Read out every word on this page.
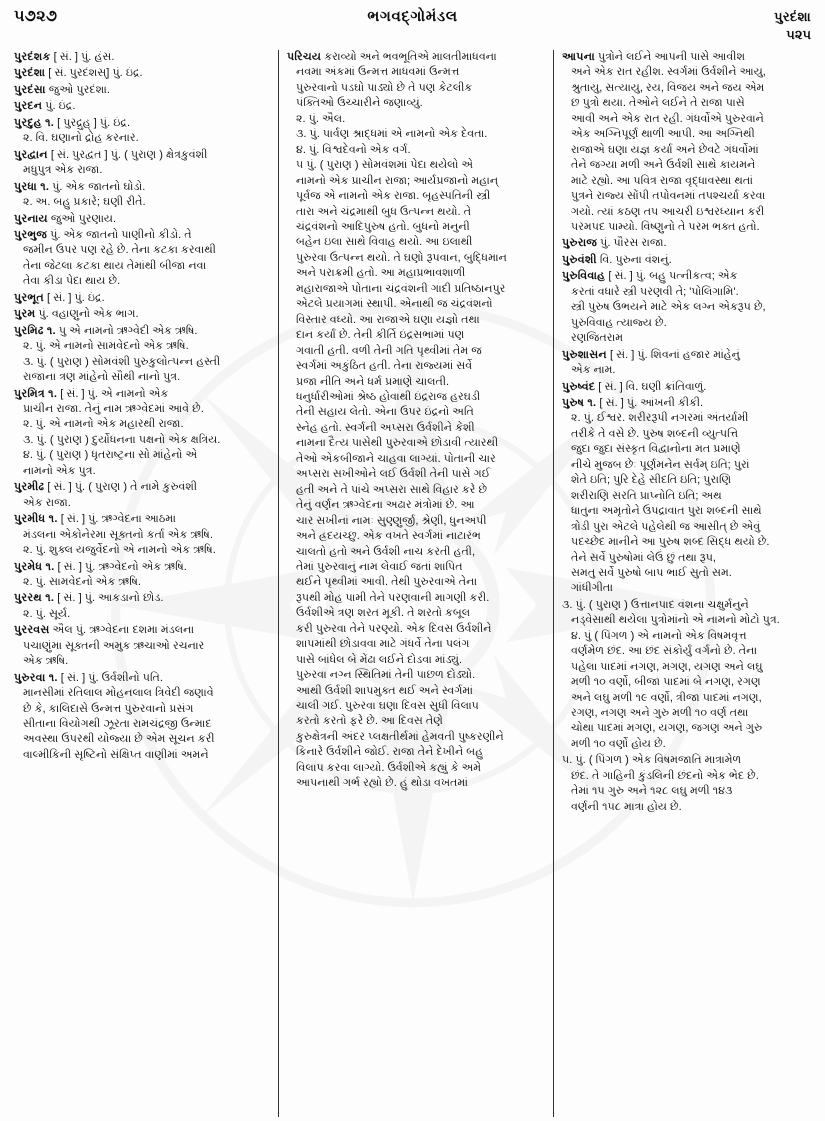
૫૭૨૭	ભગવદ્‌ગોમંડલ	પુરદંશા
૫૨૫
પુરદંશક [ સં. ] પું. હંસ.
પુરદંશા [ સં. પુરદંશસ્] પું. ઇંદ્ર.
પુરદંસા જુઓ પુરદંશા.
પુરદન પું. ઇંદ્ર.
પુરદુહ ૧. [ પુરદ્રુહ્ ] પું. ઇંદ્ર.
૨. વિ. ઘણાનો દ્રોહ કરનાર.
પુરદ્વાન [ સં. પુરદ્વત ] પું. ( પુરાણ ) ક્ષેત્રકુવંશી
મધુપુત્ર એક રાજા.
પુરધા ૧. પું. એક જાતનો ઘોડો.
૨. અ. બહુ પ્રકારે; ઘણી રીતે.
પુરનાય જુઓ પુરણાય.
પુરભુજ પું. એક જાતનો પાણીનો કીડો. તે
જમીન ઉપર પણ રહે છે. તેના કટકા કરવાથી
તેના જેટલા કટકા થાય તેમાંથી બીજા નવા
તેવા કીડા પેદા થાય છે.
પુરભૂત [ સં. ] પું. ઇંદ્ર.
પુરમ પું. વહાણુનો એક ભાગ.
પુરમિઢ ૧. પુ એ નામનો ઋગ્વેદી એક ઋષિ.
૨. પું. એ નામનો સામવેદનો એક ઋષિ.
૩. પું. ( પુરાણ ) સોમવંશી પુરુકુલોત્પન્ન હસ્તી
રાજાના ત્રણ માંહેનો સૌથી નાનો પુત્ર.
પુરમિત્ર ૧. [ સં. ] પું. એ નામનો એક
પ્રાચીન રાજા. તેનું નામ ઋગ્વેદમાં આવે છે.
૨. પું. એ નામનો એક મહારથી રાજા.
૩. પું. ( પુરાણ ) દુર્યોધનના પક્ષનો એક ક્ષત્રિય.
૪. પું. ( પુરાણ ) ધૃતરાષ્ટ્રના સો માંહેનો એ
નામનો એક પુત્ર.
પુરમીઢ [ સં. ] પું. ( પુરાણ ) તે નામે કુરુવંશી
એક રાજા.
પુરમીધ ૧. [ સં. ] પું. ઋગ્વેદના આઠમા
મંડલના એકોનેરમા સૂક્તનો કર્તા એક ઋષિ.
૨. પું. શુક્લ યજુર્વેદનો એ નામનો એક ઋષિ.
પુરમેધ ૧. [ સં. ] પું. ઋગ્વેદનો એક ઋષિ.
૨. પું. સામવેદનો એક ઋષિ.
પુરરથ ૧. [ સં. ] પું. આકડાનો છોડ.
૨. પું. સૂર્ય.
પુરરવસ ઐલ પું. ઋગ્વેદના દશમા મંડલના
પચાણુંમા સૂક્તની અમુક ઋચાઓ રચનાર
એક ઋષિ.
પુરુરવા ૧. [ સં. ] પું. ઉર્વશીનો પતિ.
માનસીમાં રતિલાલ મોહનલાલ ત્રિવેદી જણાવે
છે કે, કાલિદાસે ઉન્મત્ત પુરુરવાનો પ્રસંગ
સીતાના વિયોગથી ઝૂરતા રામચંદ્રજી ઉન્માદ
અવસ્થા ઉપરથી યોજ્યા છે એમ સૂચન કરી
વાલ્મીકિની સૃષ્ટિનો સંક્ષિપ્ત વાણીમાં અમને
પરિચય કરાવ્યો અને ભવભૂતિએ માલતીમાધવના
નવમા અંકમાં ઉન્મત્ત માધવમાં ઉન્મત્ત
પુરુરવાનો પડઘો પાડ્યો છે તે પણ કેટલીક
પંક્તિઓ ઉચ્ચારીને જણાવ્યું.
૨. પું. ઐલ.
૩. પું. પાર્વણ શ્રાદ્ધમાં એ નામનો એક દેવતા.
૪. પું. વિશ્વદેવનો એક વર્ગ.
૫ પું. ( પુરાણ ) સોમવંશમાં પેદા થયેલો એ
નામનો એક પ્રાચીન રાજા; આર્યપ્રજાનો મહાન્
પૂર્વજ એ નામનો એક રાજા. બૃહસ્પતિની સ્ત્રી
તારા અને ચંદ્રમાથી બુધ ઉત્પન્ન થયો. તે
ચંદ્રવંશનો આદિપુરુષ હતો. બુધનો મનુની
બહેન ઇલા સાથે વિવાહ થયો. આ ઇલાથી
પુરુરવા ઉત્પન્ન થયો. તે ઘણો રૂપવાન, બુદ્ધિમાન
અને પરાક્રમી હતો. આ મહાપ્રભાવશાળી
મહારાજાએ પોતાના ચંદ્રવંશની ગાદી પ્રતિષ્ઠાનપુર
એટલે પ્રયાગમાં સ્થાપી. એનાથી જ ચંદ્રવંશનો
વિસ્તાર વધ્યો. આ રાજાએ ઘણા યજ્ઞો તથા
દાન કર્યાં છે. તેની કીર્તિ ઇંદ્રસભામાં પણ
ગવાતી હતી. વળી તેની ગતિ પૃથ્વીમાં તેમ જ
સ્વર્ગમાં અકુંઠિત હતી. તેના રાજ્યમાં સર્વે
પ્રજા નીતિ અને ધર્મ પ્રમાણે ચાલતી.
ધનુર્ધારીઓમાં શ્રેષ્ઠ હોવાથી ઇંદ્રરાજ હરઘડી
તેની સહાય લેતો. એના ઉપર ઇંદ્રનો અતિ
સ્નેહ હતો. સ્વર્ગની અપ્સરા ઉર્વશીને કેશી
નામના દૈત્ય પાસેથી પુરુરવાએ છોડાવી ત્યારથી
તેઓ એકબીજાને ચાહવા લાગ્યાં. પોતાની ચાર
અપ્સરા સખીઓને લઈ ઉર્વશી તેની પાસે ગઈ
હતી અને તે પાંચે અપ્સરા સાથે વિહાર કરે છે
તેનું વર્ણન ઋગ્વેદના અઢાર મંત્રોમાં છે. આ
ચાર સખીનાં નામઃ સુણ્ણુર્જી, શ્રેણી, ધુનઅપી
અને હ્રદયચ્છુ. એક વખતે સ્વર્ગમાં નાટારંભ
ચાલતો હતો અને ઉર્વશી નાચ કરતી હતી,
તેમાં પુરુરવાનું નામ લેવાઈ જતાં શાપિત
થઈને પૃથ્વીમાં આવી. તેથી પુરુરવાએ તેના
રૂપથી મોહ પામી તેને પરણવાની માગણી કરી.
ઉર્વશીએ ત્રણ શરત મૂકી. તે શરતો કબૂલ
કરી પુરુરવા તેને પરણ્યો. એક દિવસ ઉર્વશીને
શાપમાંથી છોડાવવા માટે ગંધર્વે તેના પલંગ
પાસે બાંધેલ બે મેંઢા લઈને દોડવા માંડ્યું.
પુરુરવા નગ્ન સ્થિતિમાં તેની પાછળ દોડ્યો.
આથી ઉર્વશી શાપમુક્ત થઈ અને સ્વર્ગમાં
ચાલી ગઈ. પુરુરવા ઘણા દિવસ સુધી વિલાપ
કરતો કરતો ફરે છે. આ દિવસ તેણે
કુરુક્ષેત્રની અંદર પ્લક્ષતીર્થમાં હેમવતી પુષ્કરણીને
કિનારે ઉર્વશીને જોઈ. રાજા તેને દેખીને બહુ
વિલાપ કરવા લાગ્યો. ઉર્વશીએ કહ્યું કે અમે
આપનાથી ગર્ભ રહ્યો છે. હું થોડા વખતમાં
આપના પુત્રોને લઈને આપની પાસે આવીશ
અને એક રાત રહીશ. સ્વર્ગમાં ઉર્વશીને આયુ,
શ્રુતાયુ, સત્યાયુ, રય, વિજય અને જય એમ
છ પુત્રો થયા. તેઓને લઈને તે રાજા પાસે
આવી અને એક રાત રહી. ગંધર્વોએ પુરુરવાને
એક અગ્નિપૂર્ણ થાળી આપી. આ અગ્નિથી
રાજાએ ઘણા યજ્ઞ કર્યા અને છેવટે ગંધર્વોમાં
તેને જગ્યા મળી અને ઉર્વશી સાથે કાયમને
માટે રહ્યો. આ પવિત્ર રાજા વૃદ્ધાવસ્થા થતાં
પુત્રને રાજ્ય સોંપી તપોવનમાં તપશ્ચર્યા કરવા
ગયો. ત્યાં કઠણ તપ આચરી ઇશ્વરધ્યાન કરી
પરમપદ પામ્યો. વિષ્ણુનો તે પરમ ભક્ત હતો.
પુરુરાજ પું. પૌરસ રાજા.
પુરુવંશી વિ. પુરુના વંશનું.
પુરુવિવાહ [ સં. ] પું. બહુ પત્નીકત્વ; એક
કરતાં વધારે સ્ત્રી પરણવી તે; 'પોલિગામિ'.
સ્ત્રી પુરુષ ઉભયને માટે એક લગ્ન એકરૂપ છે,
પુરુવિવાહ ત્યાજ્ય છે.
રણજિતરામ
પુરુશાસન [ સં. ] પું. શિવનાં હજાર માંહેનું
એક નામ.
પુરુષ્વંદ [ સં. ] વિ. ઘણી ક્રાંતિવાળું.
પુરુષ ૧. [ સં. ] પું. આંખની કીકી.
૨. પું. ઈશ્વર. શરીરરૂપી નગરમાં અંતર્યામી
તરીકે તે વસે છે. પુરુષ શબ્દની વ્યુત્પત્તિ
જુદા જુદા સંસ્કૃત વિદ્વાનોના મત પ્રમાણે
નીચે મુજબ છેઃ પૂર્ણમનેન સર્વમ્ ઇતિ; પુરાં
શેતે ઇતિ; પુરિ દેહે સીદતિ ઇતિ; પુરાણિ
શરીરાણિ સરતિ પ્રાપ્નોતિ ઇતિ; અથ
ધાતુના અમૃતોને ઉપદ્રાવાત પુરા શબ્દની સાથે
ત્રોડી પુરા એટલે પહેલેથી જ આસીત્ છે એવું
પદચ્છેદ માનીને આ પુરુષ શબ્દ સિદ્ધ થયો છે.
તેને સર્વે પુરુષોમાં લેઉં છું તથા રૂપ,
સમતુ સર્વે પુરુષો બાપ ભાઈ સુતો સમ.
ગાંધીગીતા
૩. પું. ( પુરાણ ) ઉત્તાનપાદ વંશના ચક્ષુર્મનુને
નડ્વેસાથી થયેલા પુત્રોમાંનો એ નામનો મોટો પુત્ર.
૪. પું ( પિંગળ ) એ નામનો એક વિષમવૃત્ત
વર્ણમેળ છંદ. આ છંદ સંકોર્યું વર્ગનો છે. તેના
પહેલા પાદમાં નગણ, મગણ, યગણ અને લઘુ
મળી ૧૦ વર્ણો, બીજા પાદમાં બે નગણ, રગણ
અને લઘુ મળી ૧૯ વર્ણો, ત્રીજા પાદમાં નગણ,
રગણ, નગણ અને ગુરુ મળી ૧૦ વર્ણ તથા
ચોથા પાદમાં મગણ, યગણ, જગણ અને ગુરુ
મળી ૧૦ વર્ણો હોય છે.
૫. પું. ( પિંગળ ) એક વિષમજાતિ માત્રામેળ
છંદ. તે ગાહિની કુંડલિની છંદનો એક ભેદ છે.
તેમાં ૧૫ ગુરુ અને ૧૨૮ લઘુ મળી ૧૪૩
વર્ણની ૧૫૮ માત્રા હોય છે.
